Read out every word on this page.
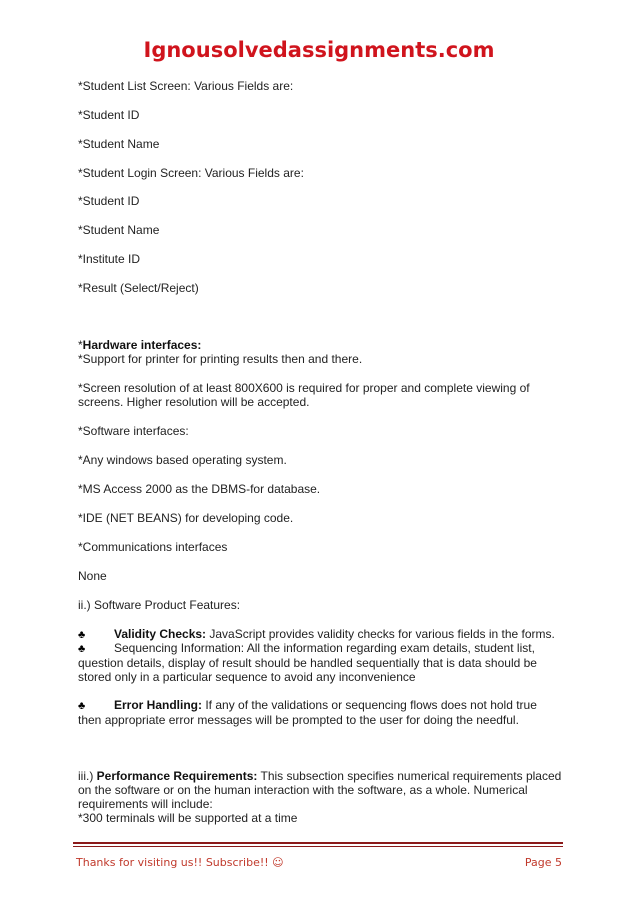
Ignousolvedassignments.com
*Student List Screen: Various Fields are:
*Student ID
*Student Name
*Student Login Screen: Various Fields are:
*Student ID
*Student Name
*Institute ID
*Result (Select/Reject)
*Hardware interfaces:
*Support for printer for printing results then and there.
*Screen resolution of at least 800X600 is required for proper and complete viewing of screens. Higher resolution will be accepted.
*Software interfaces:
*Any windows based operating system.
*MS Access 2000 as the DBMS-for database.
*IDE (NET BEANS) for developing code.
*Communications interfaces
None
ii.) Software Product Features:
♣ Validity Checks: JavaScript provides validity checks for various fields in the forms.
♣ Sequencing Information: All the information regarding exam details, student list, question details, display of result should be handled sequentially that is data should be stored only in a particular sequence to avoid any inconvenience
♣ Error Handling: If any of the validations or sequencing flows does not hold true then appropriate error messages will be prompted to the user for doing the needful.
iii.) Performance Requirements: This subsection specifies numerical requirements placed on the software or on the human interaction with the software, as a whole. Numerical requirements will include:
*300 terminals will be supported at a time
Thanks for visiting us!! Subscribe!! ☺	Page 5
